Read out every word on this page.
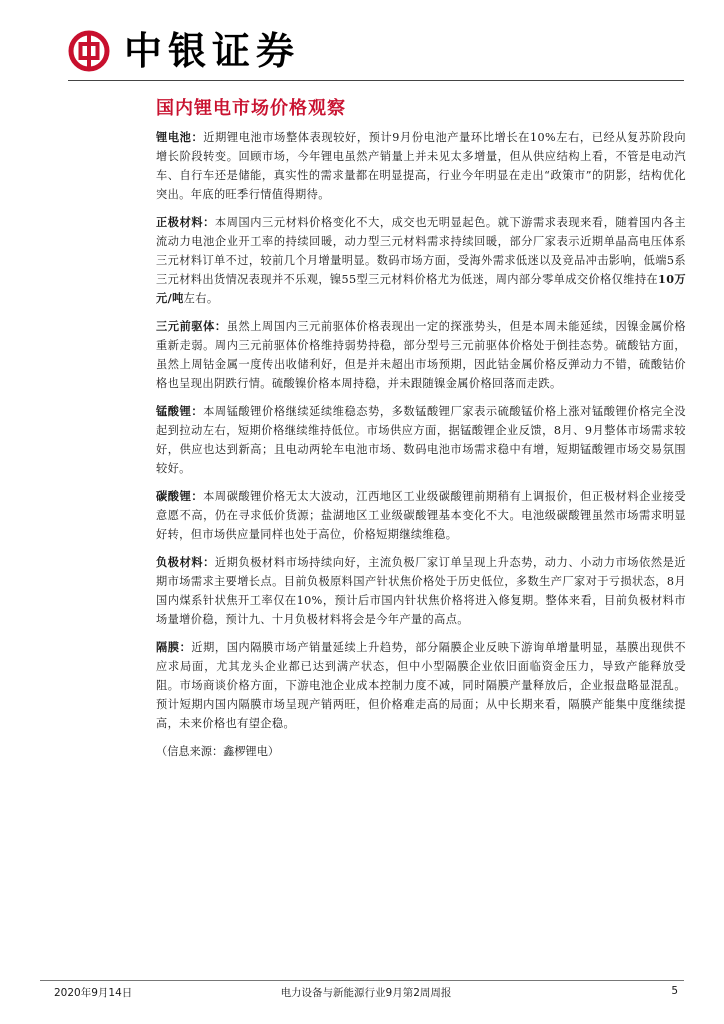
中银证券
国内锂电市场价格观察

锂电池：近期锂电池市场整体表现较好，预计9月份电池产量环比增长在10%左右，已经从复苏阶段向增长阶段转变。回顾市场，今年锂电虽然产销量上并未见太多增量，但从供应结构上看，不管是电动汽车、自行车还是储能，真实性的需求量都在明显提高，行业今年明显在走出“政策市”的阴影，结构优化突出。年底的旺季行情值得期待。

正极材料：本周国内三元材料价格变化不大，成交也无明显起色。就下游需求表现来看，随着国内各主流动力电池企业开工率的持续回暖，动力型三元材料需求持续回暖，部分厂家表示近期单晶高电压体系三元材料订单不过，较前几个月增量明显。数码市场方面，受海外需求低迷以及竞品冲击影响，低端5系三元材料出货情况表现并不乐观，镍55型三元材料价格尤为低迷，周内部分零单成交价格仅维持在10万元/吨左右。

三元前驱体：虽然上周国内三元前驱体价格表现出一定的探涨势头，但是本周未能延续，因镍金属价格重新走弱。周内三元前驱体价格维持弱势持稳，部分型号三元前驱体价格处于倒挂态势。硫酸钴方面，虽然上周钴金属一度传出收储利好，但是并未超出市场预期，因此钴金属价格反弹动力不错，硫酸钴价格也呈现出阴跌行情。硫酸镍价格本周持稳，并未跟随镍金属价格回落而走跌。

锰酸锂：本周锰酸锂价格继续延续维稳态势，多数锰酸锂厂家表示硫酸锰价格上涨对锰酸锂价格完全没起到拉动左右，短期价格继续维持低位。市场供应方面，据锰酸锂企业反馈，8月、9月整体市场需求较好，供应也达到新高；且电动两轮车电池市场、数码电池市场需求稳中有增，短期锰酸锂市场交易氛围较好。

碳酸锂：本周碳酸锂价格无太大波动，江西地区工业级碳酸锂前期稍有上调报价，但正极材料企业接受意愿不高，仍在寻求低价货源；盐湖地区工业级碳酸锂基本变化不大。电池级碳酸锂虽然市场需求明显好转，但市场供应量同样也处于高位，价格短期继续维稳。

负极材料：近期负极材料市场持续向好，主流负极厂家订单呈现上升态势，动力、小动力市场依然是近期市场需求主要增长点。目前负极原料国产针状焦价格处于历史低位，多数生产厂家对于亏损状态，8月国内煤系针状焦开工率仅在10%，预计后市国内针状焦价格将进入修复期。整体来看，目前负极材料市场量增价稳，预计九、十月负极材料将会是今年产量的高点。

隔膜：近期，国内隔膜市场产销量延续上升趋势，部分隔膜企业反映下游询单增量明显，基膜出现供不应求局面，尤其龙头企业都已达到满产状态，但中小型隔膜企业依旧面临资金压力，导致产能释放受阻。市场商谈价格方面，下游电池企业成本控制力度不减，同时隔膜产量释放后，企业报盘略显混乱。预计短期内国内隔膜市场呈现产销两旺，但价格难走高的局面；从中长期来看，隔膜产能集中度继续提高，未来价格也有望企稳。

（信息来源：鑫椤锂电）

2020年9月14日	电力设备与新能源行业9月第2周周报	5
